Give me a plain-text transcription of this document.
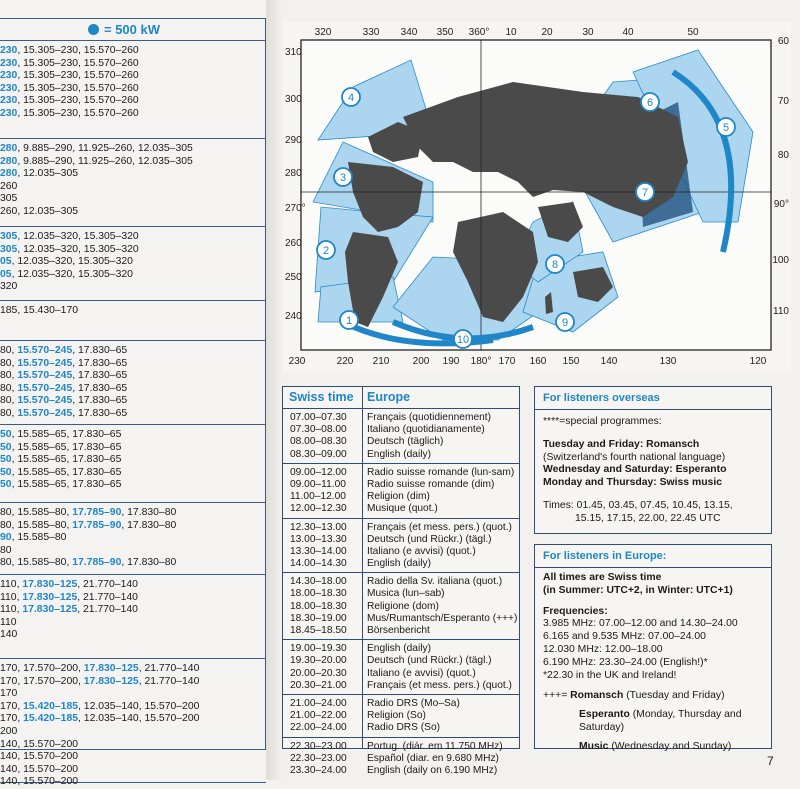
= 500 kW
230, 15.305–230, 15.570–260
230, 15.305–230, 15.570–260
230, 15.305–230, 15.570–260
230, 15.305–230, 15.570–260
230, 15.305–230, 15.570–260
230, 15.305–230, 15.570–260
280, 9.885–290, 11.925–260, 12.035–305
280, 9.885–290, 11.925–260, 12.035–305
280, 12.035–305
260
305
260, 12.035–305
305, 12.035–320, 15.305–320
305, 12.035–320, 15.305–320
05, 12.035–320, 15.305–320
05, 12.035–320, 15.305–320
320
185, 15.430–170
80, 15.570–245, 17.830–65
80, 15.570–245, 17.830–65
80, 15.570–245, 17.830–65
80, 15.570–245, 17.830–65
80, 15.570–245, 17.830–65
80, 15.570–245, 17.830–65
50, 15.585–65, 17.830–65
50, 15.585–65, 17.830–65
50, 15.585–65, 17.830–65
50, 15.585–65, 17.830–65
50, 15.585–65, 17.830–65
80, 15.585–80, 17.785–90, 17.830–80
80, 15.585–80, 17.785–90, 17.830–80
90, 15.585–80
80
80, 15.585–80, 17.785–90, 17.830–80
110, 17.830–125, 21.770–140
110, 17.830–125, 21.770–140
110, 17.830–125, 21.770–140
110
140
170, 17.570–200, 17.830–125, 21.770–140
170, 17.570–200, 17.830–125, 21.770–140
170
170, 15.420–185, 12.035–140, 15.570–200
170, 15.420–185, 12.035–140, 15.570–200
200
140, 15.570–200
140, 15.570–200
140, 15.570–200
140, 15.570–200
1
2
3
4
5
6
7
8
9
10
320	330 340 350 360° 10 20	30	40	50
230	220 210 200 190 180° 170 160 150 140	130	120
310
300
290
280
270°
260
250
240
60
70
80
90°
100
110
Swiss time Europe
07.00–07.30 Français (quotidiennement)
07.30–08.00 Italiano (quotidianamente)
08.00–08.30 Deutsch (täglich)
08.30–09.00 English (daily)
09.00–12.00 Radio suisse romande (lun-sam)
09.00–11.00 Radio suisse romande (dim)
11.00–12.00 Religion (dim)
12.00–12.30 Musique (quot.)
12.30–13.00 Français (et mess. pers.) (quot.)
13.00–13.30 Deutsch (und Rückr.) (tägl.)
13.30–14.00 Italiano (e avvisi) (quot.)
14.00–14.30 English (daily)
14.30–18.00 Radio della Sv. italiana (quot.)
18.00–18.30 Musica (lun–sab)
18.00–18.30 Religione (dom)
18.30–19.00 Mus/Rumantsch/Esperanto (+++)
18.45–18.50 Börsenbericht
19.00–19.30 English (daily)
19.30–20.00 Deutsch (und Rückr.) (tägl.)
20.00–20.30 Italiano (e avvisi) (quot.)
20.30–21.00 Français (et mess. pers.) (quot.)
21.00–24.00 Radio DRS (Mo–Sa)
21.00–22.00 Religion (So)
22.00–24.00 Radio DRS (So)
22.30–23.00 Portug. (diár. em 11.750 MHz)
22.30–23.00 Español (diar. en 9.680 MHz)
23.30–24.00 English (daily on 6.190 MHz)
For listeners overseas
****=special programmes:
Tuesday and Friday: Romansch
(Switzerland's fourth national language)
Wednesday and Saturday: Esperanto
Monday and Thursday: Swiss music
Times: 01.45, 03.45, 07.45, 10.45, 13.15,
15.15, 17.15, 22.00, 22.45 UTC
For listeners in Europe:
All times are Swiss time
(in Summer: UTC+2, in Winter: UTC+1)
Frequencies:
3.985 MHz: 07.00–12.00 and 14.30–24.00
6.165 and 9.535 MHz: 07.00–24.00
12.030 MHz: 12.00–18.00
6.190 MHz: 23.30–24.00 (English!)*
*22.30 in the UK and Ireland!
+++= Romansch (Tuesday and Friday)
Esperanto (Monday, Thursday and
Saturday)
Music (Wednesday and Sunday)
7
